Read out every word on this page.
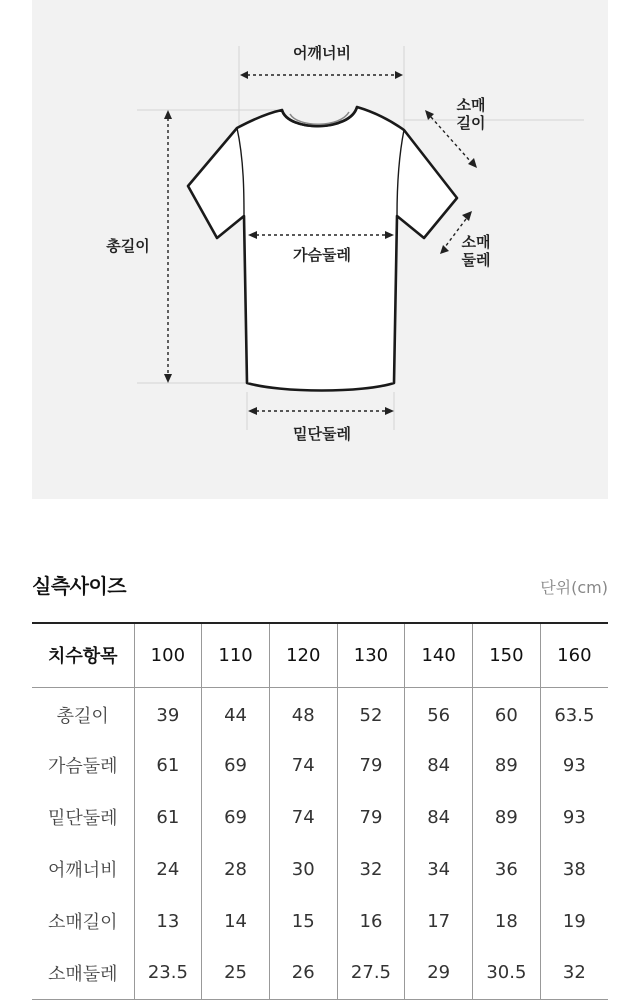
어깨너비
소매
길이
총길이	가슴둘레
소매
둘레
밑단둘레
실측사이즈	단위(cm)
치수항목	100	110	120	130	140	150	160
총길이	39	44	48	52	56	60	63.5
가슴둘레	61	69	74	79	84	89	93
밑단둘레	61	69	74	79	84	89	93
어깨너비	24	28	30	32	34	36	38
소매길이	13	14	15	16	17	18	19
소매둘레	23.5	25	26	27.5	29	30.5	32
